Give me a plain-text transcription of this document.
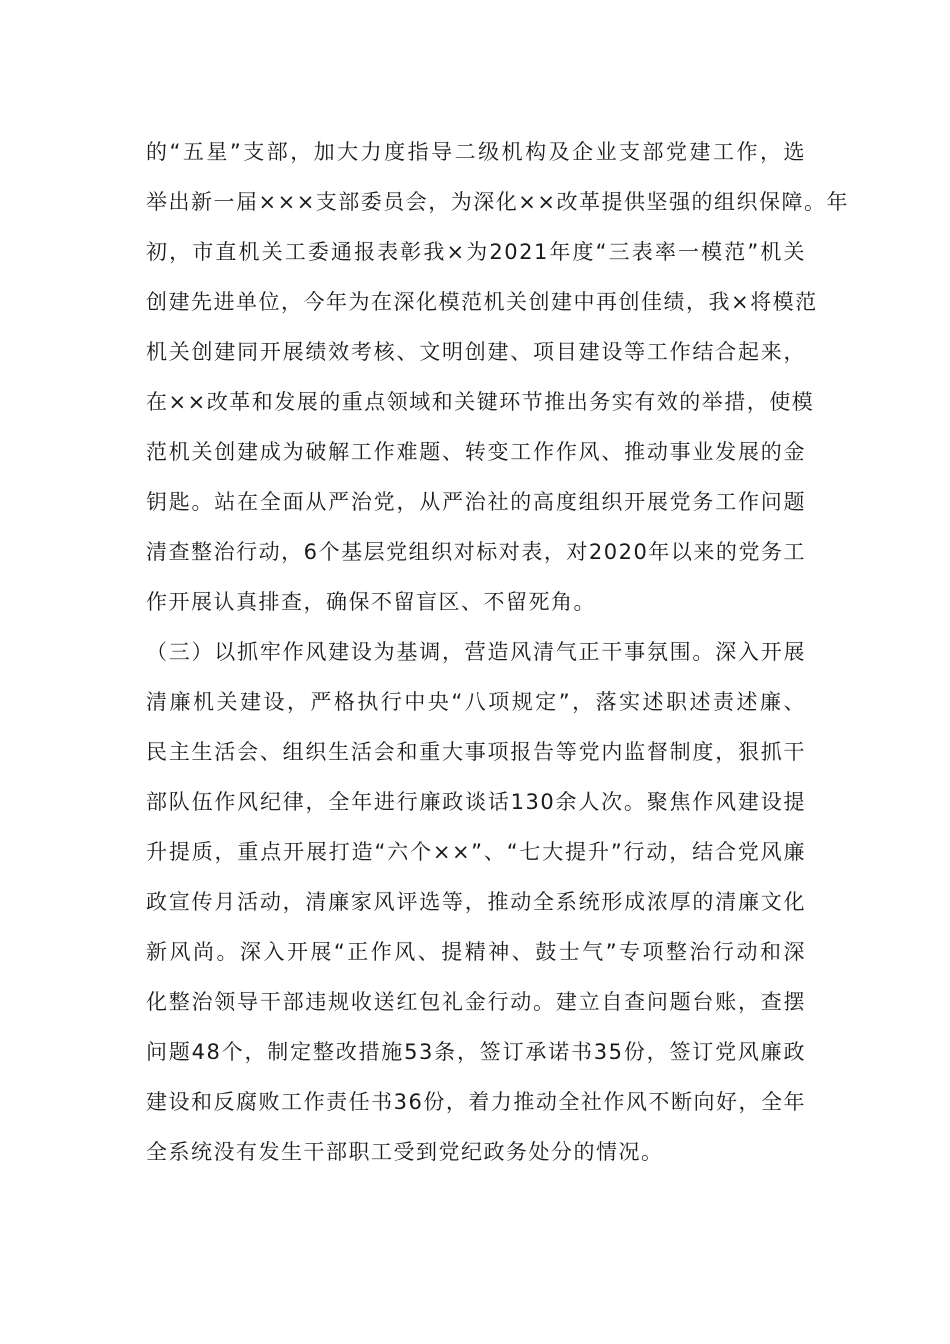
的“五星”支部，加大力度指导二级机构及企业支部党建工作，选
举出新一届×××支部委员会，为深化××改革提供坚强的组织保障。年
初，市直机关工委通报表彰我×为2021年度“三表率一模范”机关
创建先进单位，今年为在深化模范机关创建中再创佳绩，我×将模范
机关创建同开展绩效考核、文明创建、项目建设等工作结合起来，
在××改革和发展的重点领域和关键环节推出务实有效的举措，使模
范机关创建成为破解工作难题、转变工作作风、推动事业发展的金
钥匙。站在全面从严治党，从严治社的高度组织开展党务工作问题
清查整治行动，6个基层党组织对标对表，对2020年以来的党务工
作开展认真排查，确保不留盲区、不留死角。
（三）以抓牢作风建设为基调，营造风清气正干事氛围。深入开展
清廉机关建设，严格执行中央“八项规定”，落实述职述责述廉、
民主生活会、组织生活会和重大事项报告等党内监督制度，狠抓干
部队伍作风纪律，全年进行廉政谈话130余人次。聚焦作风建设提
升提质，重点开展打造“六个××”、“七大提升”行动，结合党风廉
政宣传月活动，清廉家风评选等，推动全系统形成浓厚的清廉文化
新风尚。深入开展“正作风、提精神、鼓士气”专项整治行动和深
化整治领导干部违规收送红包礼金行动。建立自查问题台账，查摆
问题48个，制定整改措施53条，签订承诺书35份，签订党风廉政
建设和反腐败工作责任书36份，着力推动全社作风不断向好，全年
全系统没有发生干部职工受到党纪政务处分的情况。
